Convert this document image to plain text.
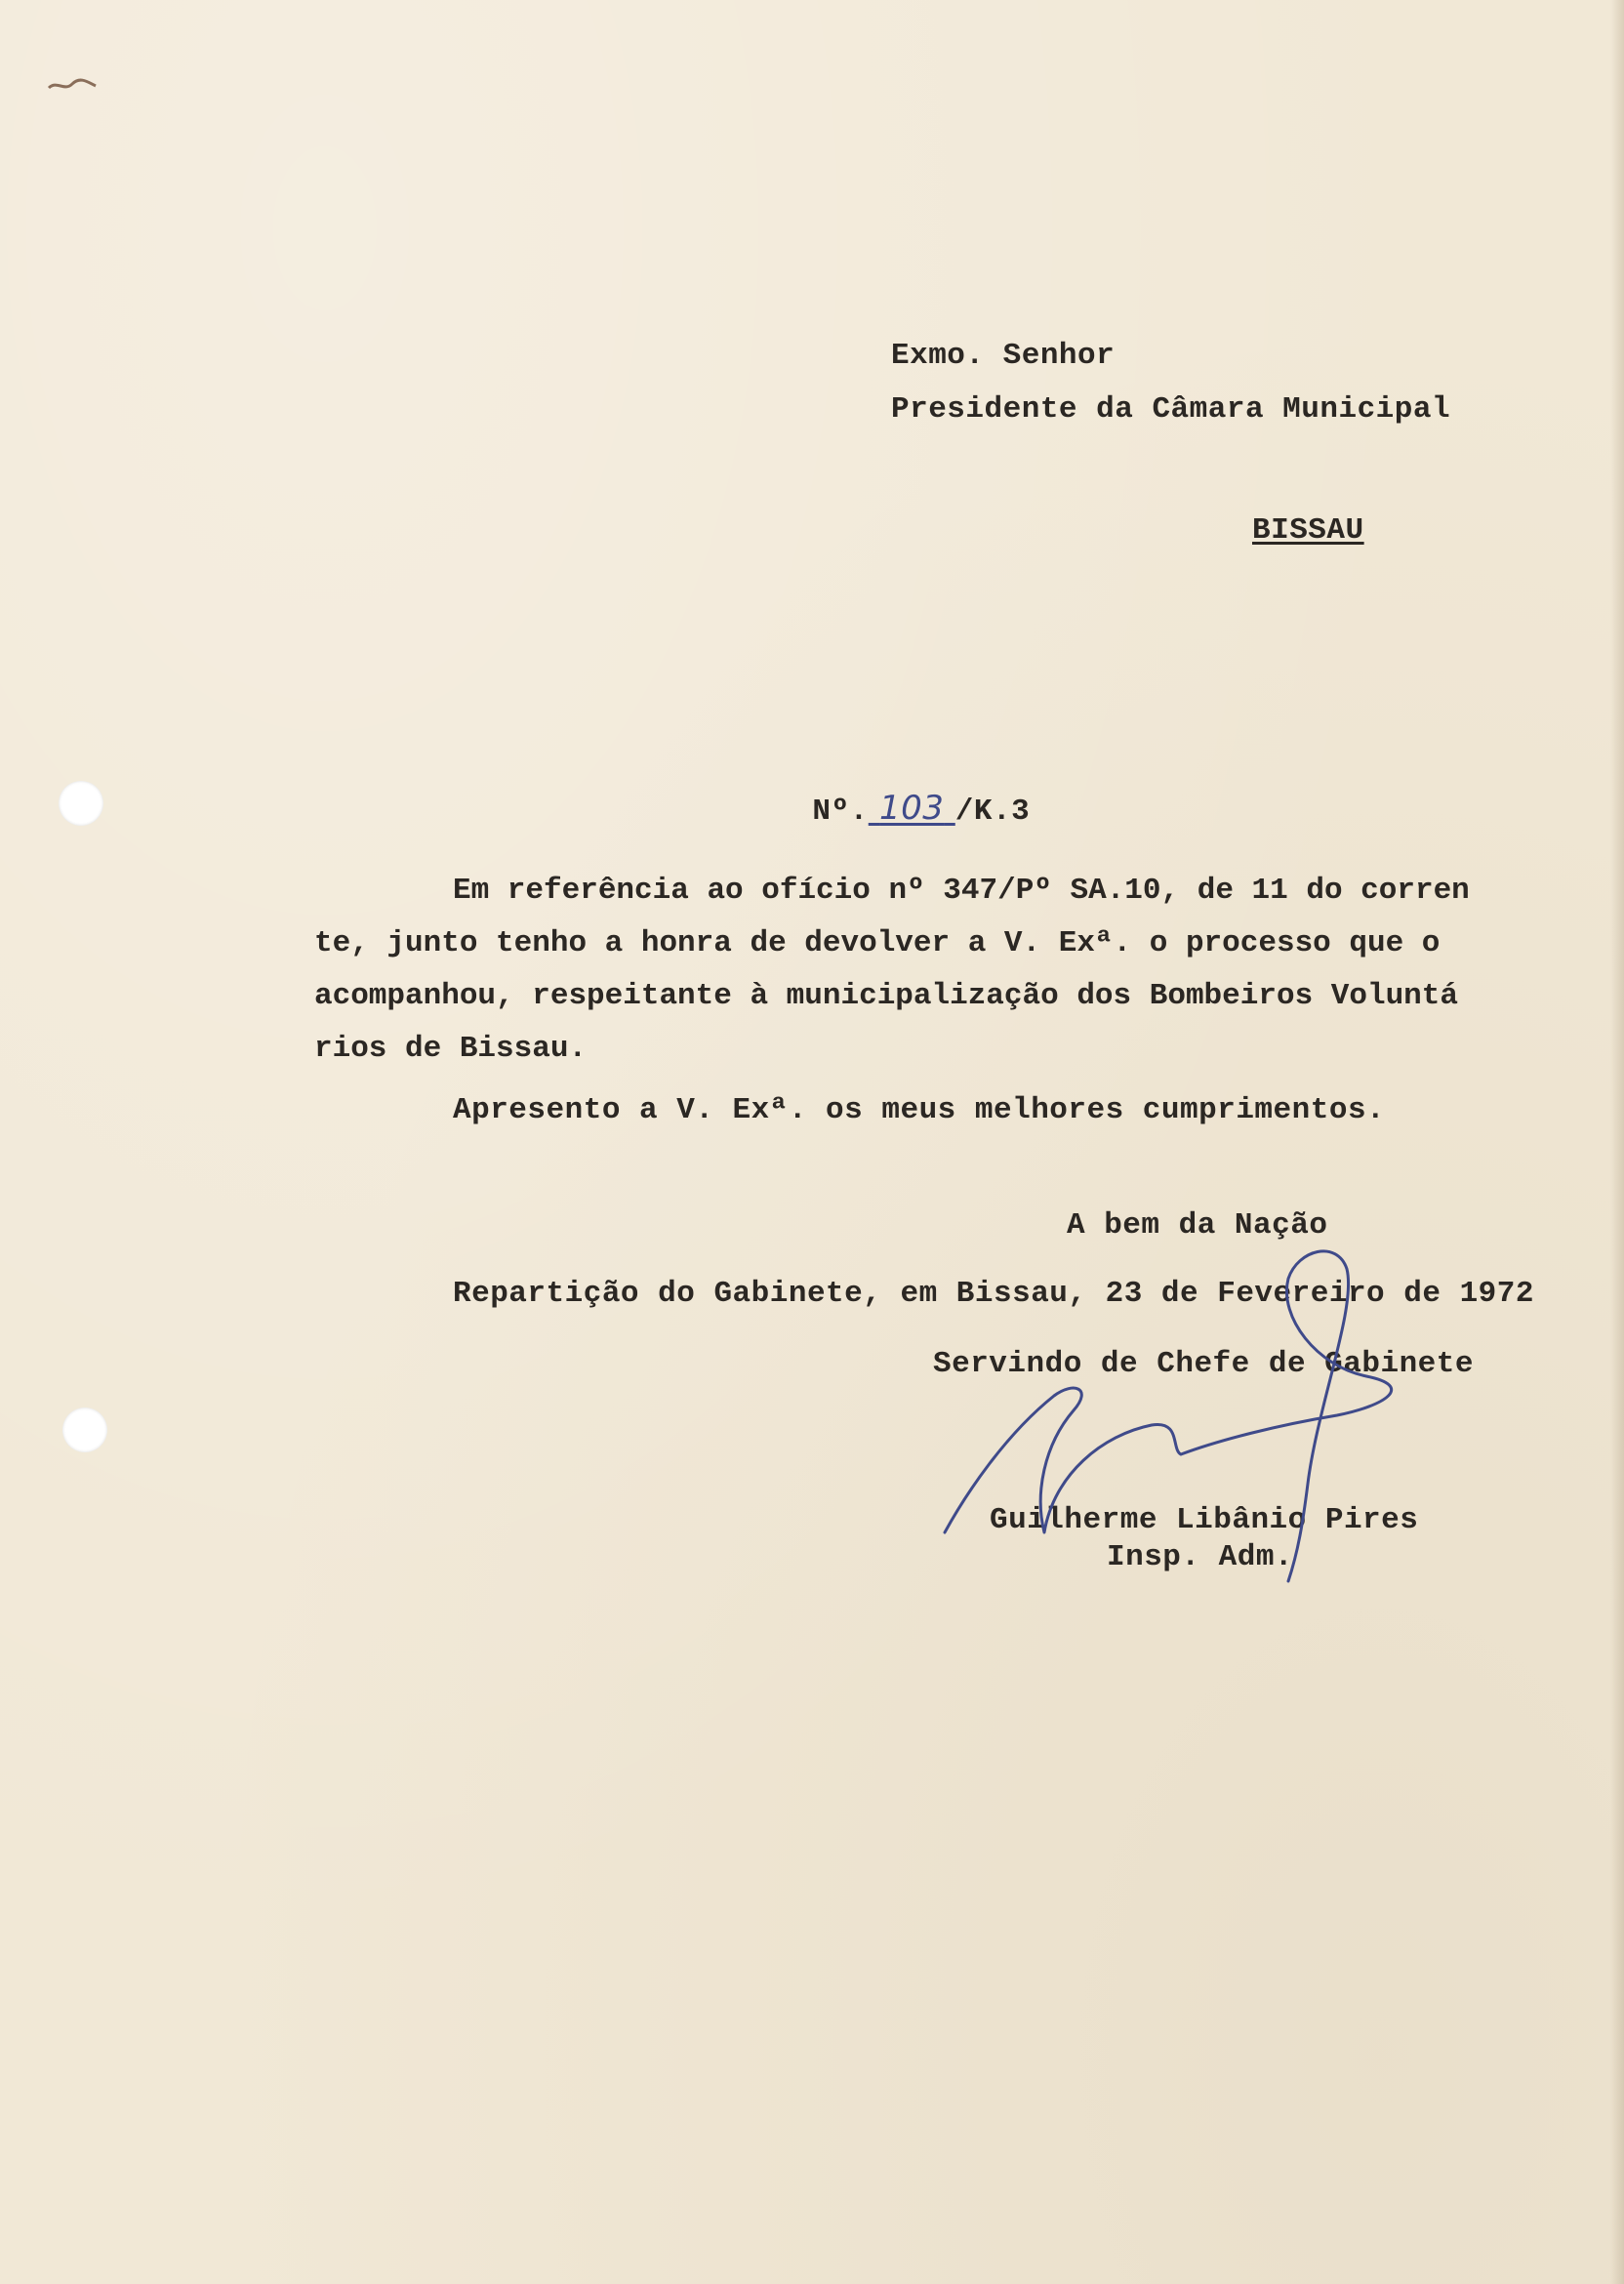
Exmo. Senhor
Presidente da Câmara Municipal
BISSAU

Nº. 103 /K.3

Em referência ao ofício nº 347/Pº SA.10, de 11 do corren
te, junto tenho a honra de devolver a V. Exª. o processo que o
acompanhou, respeitante à municipalização dos Bombeiros Voluntá
rios de Bissau.
Apresento a V. Exª. os meus melhores cumprimentos.
A bem da Nação
Repartição do Gabinete, em Bissau, 23 de Fevereiro de 1972
Servindo de Chefe de Gabinete
Guilherme Libânio Pires
Insp. Adm.
